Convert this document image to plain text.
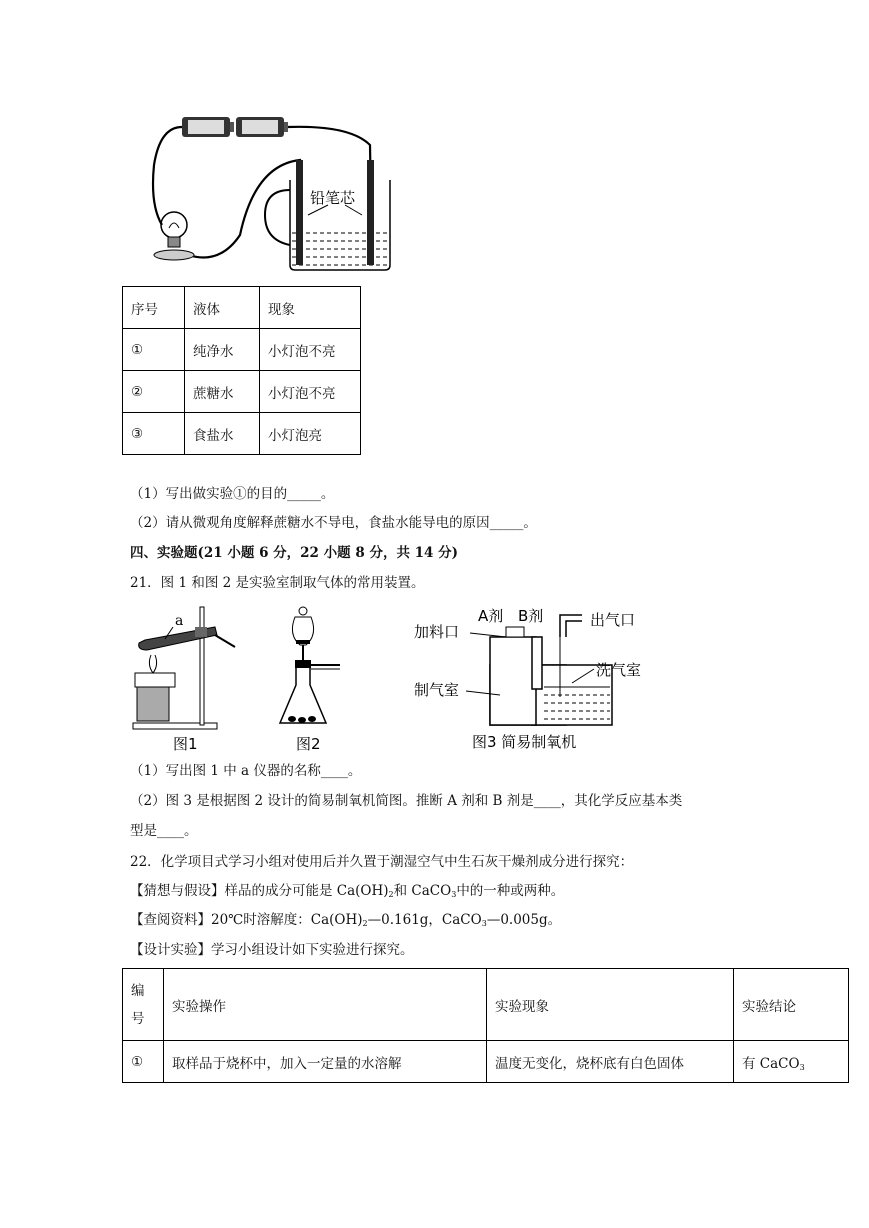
铅笔芯
序号	液体	现象
①	纯净水	小灯泡不亮
②	蔗糖水	小灯泡不亮
③	食盐水	小灯泡亮
（1）写出做实验①的目的_____。
（2）请从微观角度解释蔗糖水不导电，食盐水能导电的原因_____。
四、实验题(21 小题 6 分，22 小题 8 分，共 14 分)
21．图 1 和图 2 是实验室制取气体的常用装置。
a
图1	图2
A剂 B剂	出气口
加料口
洗气室
制气室
图3 简易制氧机
（1）写出图 1 中 a 仪器的名称____。
（2）图 3 是根据图 2 设计的简易制氧机简图。推断 A 剂和 B 剂是____，其化学反应基本类
型是____。
22．化学项目式学习小组对使用后并久置于潮湿空气中生石灰干燥剂成分进行探究：
【猜想与假设】样品的成分可能是 $Ca(OH)_2$和 CaCO$_3$中的一种或两种。
【查阅资料】20℃时溶解度：$Ca(OH)_2—0.161g$，CaCO$_3$—0.005g。
【设计实验】学习小组设计如下实验进行探究。
编
号	实验操作	实验现象	实验结论
①	取样品于烧杯中，加入一定量的水溶解	温度无变化，烧杯底有白色固体	有 CaCO$_3$
